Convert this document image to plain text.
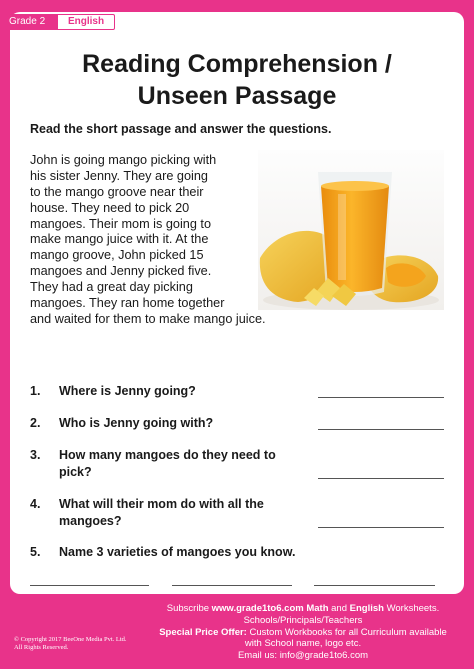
Grade 2	English
Reading Comprehension /
Unseen Passage
Read the short passage and answer the questions.
John is going mango picking with
his sister Jenny. They are going
to the mango groove near their
house. They need to pick 20
mangoes. Their mom is going to
make mango juice with it. At the
mango groove, John picked 15
mangoes and Jenny picked five.
They had a great day picking
mangoes. They ran home together
and waited for them to make mango juice.
1. Where is Jenny going?
2. Who is Jenny going with?
3. How many mangoes do they need to
pick?
4. What will their mom do with all the
mangoes?
5. Name 3 varieties of mangoes you know.
© Copyright 2017 BeeOne Media Pvt. Ltd.
All Rights Reserved.
Subscribe www.grade1to6.com Math and English Worksheets.
Schools/Principals/Teachers
Special Price Offer: Custom Workbooks for all Curriculum available
with School name, logo etc.
Email us: info@grade1to6.com
